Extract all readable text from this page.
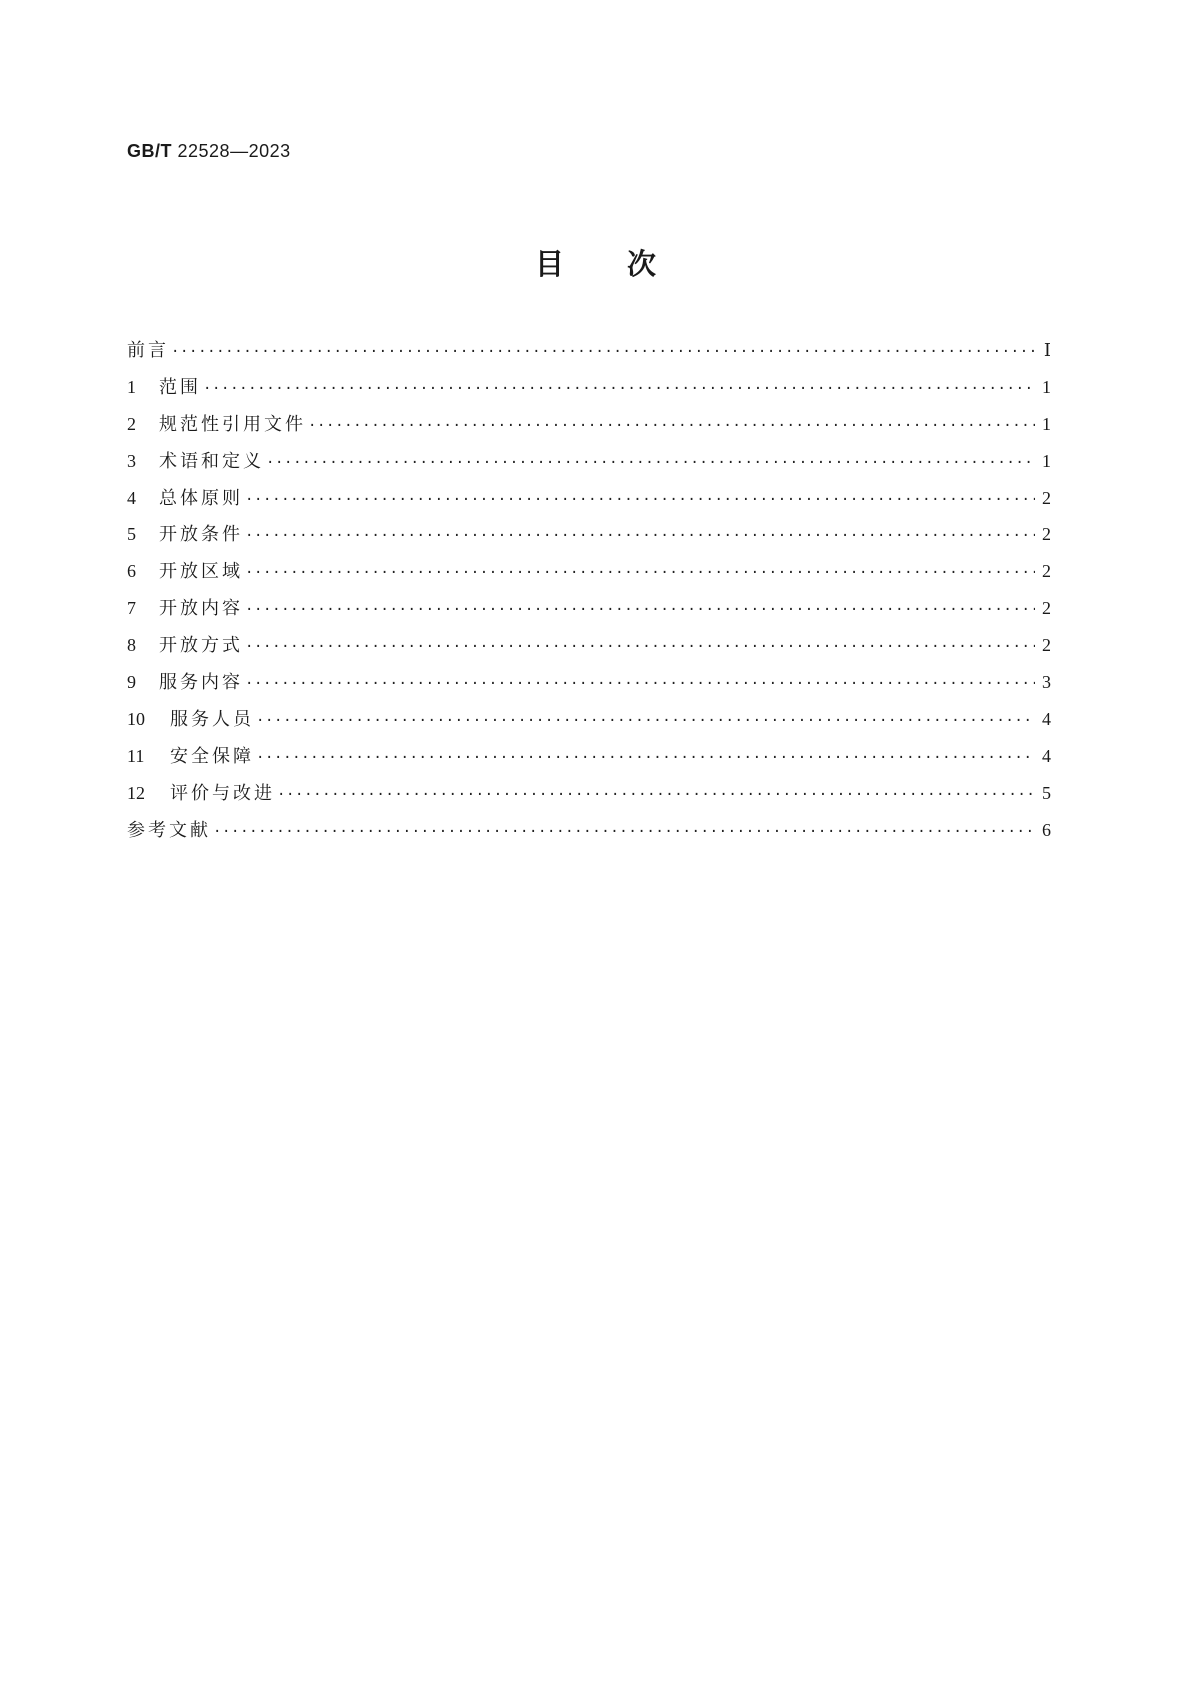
GB/T 22528—2023
目次
前言 ·····	Ⅰ
1	范围 ·····	1
2	规范性引用文件 ·····	1
3	术语和定义 ·····	1
4	总体原则 ·····	2
5	开放条件 ·····	2
6	开放区域 ·····	2
7	开放内容 ·····	2
8	开放方式 ·····	2
9	服务内容 ·····	3
10	服务人员 ·····	4
11	安全保障 ·····	4
12	评价与改进 ·····	5
参考文献 ·····	6
